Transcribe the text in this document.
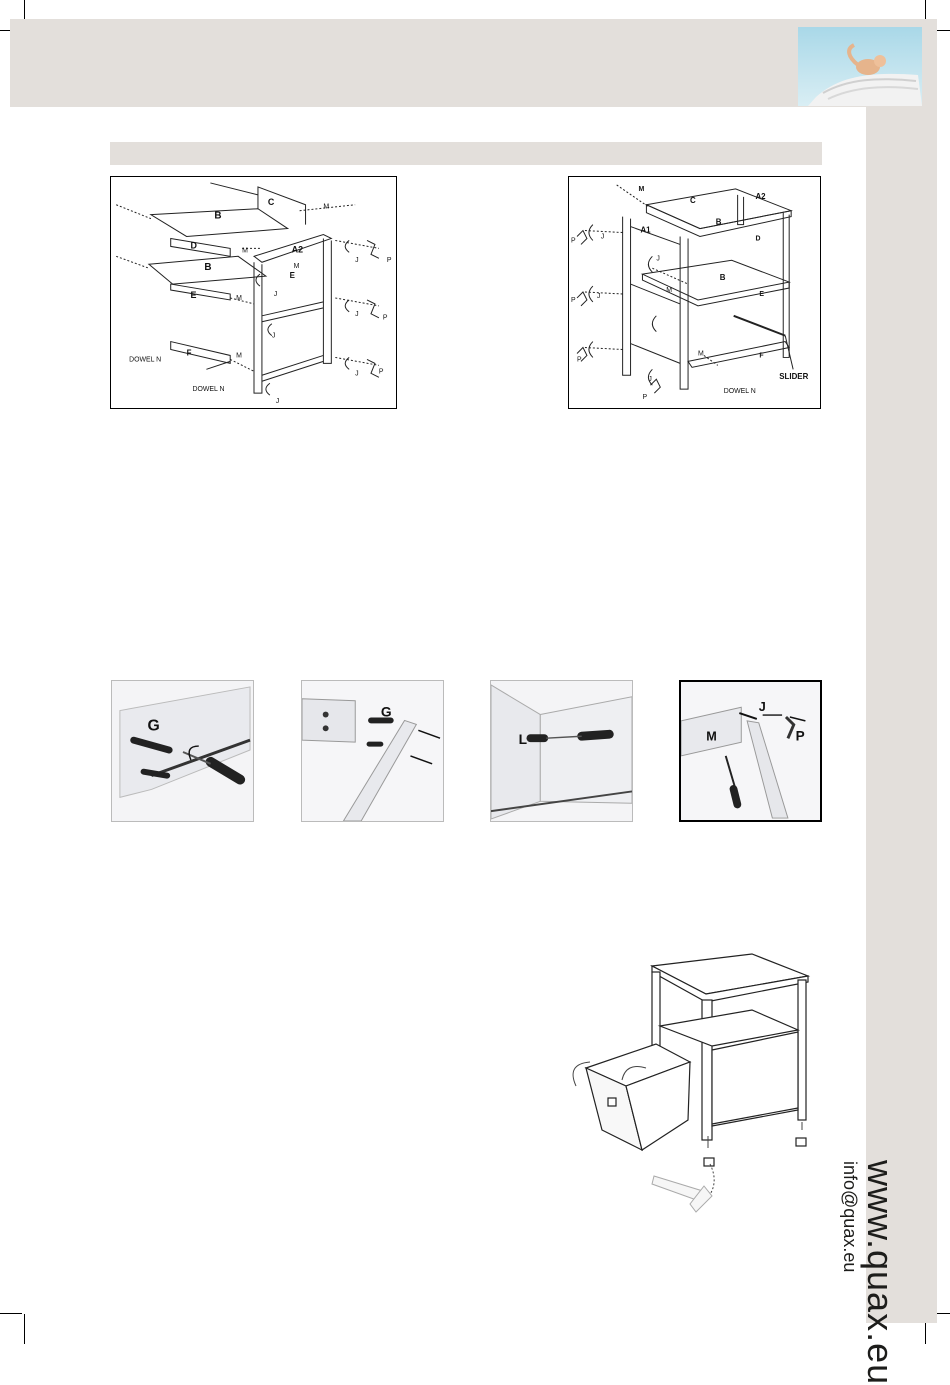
www.quax.eu
info@quax.eu
B
C
D
B
E
A2
E
F
M
M
M
M
M
J
J
J
J
J
J
P
P
P
DOWEL N
DOWEL N
M
C	A2
A1
B
D
B
E
F
M
M
J
J
J
J
P
P
P
P
SLIDER
DOWEL N
G
G
L	M
J
P
